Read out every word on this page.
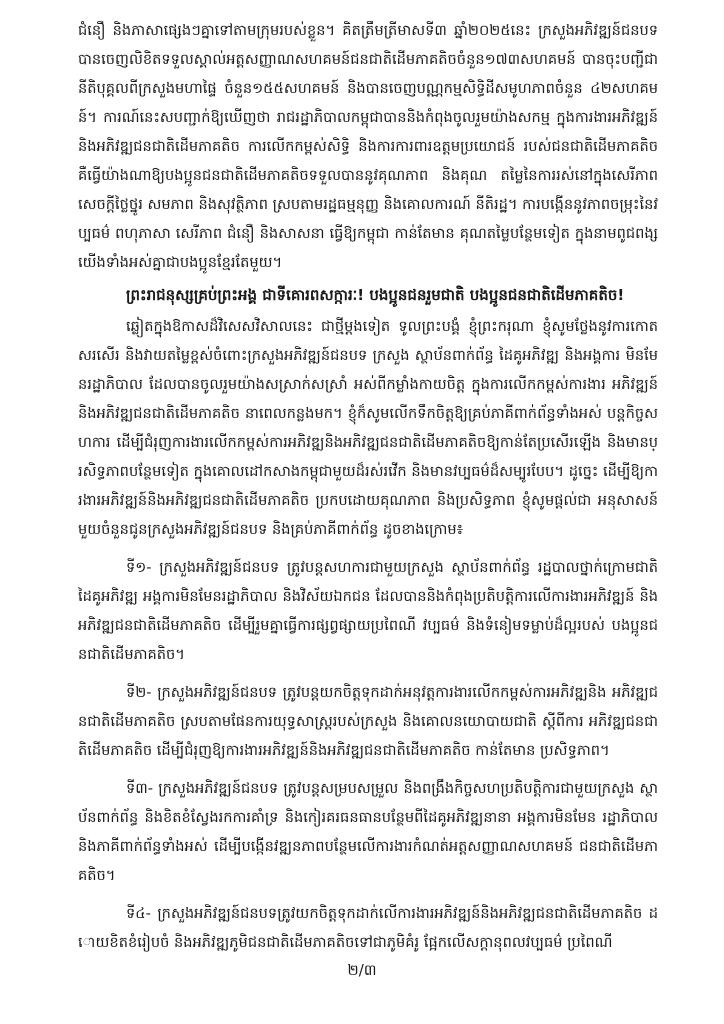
ជំនឿ និងភាសាផ្សេងៗគ្នាទៅតាមក្រុមរបស់ខ្លួន។ គិតត្រឹមត្រីមាសទី៣ ឆ្នាំ២០២៥នេះ ក្រសួងអភិវឌ្ឍន៍ជនបទ បានចេញលិខិតទទួលស្គាល់អត្តសញ្ញាណសហគមន៍ជនជាតិដើមភាគតិចចំនួន១៧៣សហគមន៍ បានចុះបញ្ជីជានីតិបុគ្គលពីក្រសួងមហាផ្ទៃ ចំនួន១៥៥សហគមន៍ និងបានចេញបណ្ណកម្មសិទ្ធិដីសមូហភាពចំនួន ៤២សហគមន៍។ ការណ៍នេះសបញ្ជាក់ឱ្យឃើញថា រាជរដ្ឋាភិបាលកម្ពុជាបាននិងកំពុងចូលរួមយ៉ាងសកម្ម ក្នុងការងារអភិវឌ្ឍន៍និងអភិវឌ្ឍជនជាតិដើមភាគតិច ការលើកកម្ពស់សិទ្ធិ និងការការពារឧត្តមប្រយោជន៍ របស់ជនជាតិដើមភាគតិច គឺធ្វើយ៉ាងណាឱ្យបងប្អូនជនជាតិដើមភាគតិចទទួលបាននូវគុណភាព និងគុណ តម្លៃនៃការរស់នៅក្នុងសេរីភាព សេចក្តីថ្លៃថ្នូរ សមភាព និងសុវត្ថិភាព ស្របតាមរដ្ឋធម្មនុញ្ញ និងគោលការណ៍ នីតិរដ្ឋ។ ការបង្កើននូវភាពចម្រុះនៃវប្បធម៌ ពហុភាសា សេរីភាព ជំនឿ និងសាសនា ធ្វើឱ្យកម្ពុជា កាន់តែមាន គុណតម្លៃបន្ថែមទៀត ក្នុងនាមពូជពង្សយើងទាំងអស់គ្នាជាបងប្អូនខ្មែរតែមួយ។

ព្រះរាជនុស្សគ្រប់ព្រះអង្គ ជាទីគោរពសក្ការៈ! បងប្អូនជនរួមជាតិ បងប្អូនជនជាតិដើមភាគតិច!

ឆ្លៀតក្នុងឱកាសដ៏វិសេសវិសាលនេះ ជាថ្មីម្តងទៀត ទូលព្រះបង្គំ ខ្ញុំព្រះករុណា ខ្ញុំសូមថ្លែងនូវការកោត សរសើរ និងវាយតម្លៃខ្ពស់ចំពោះក្រសួងអភិវឌ្ឍន៍ជនបទ ក្រសួង ស្ថាប័នពាក់ព័ន្ធ ដៃគូអភិវឌ្ឍ និងអង្គការ មិនមែនរដ្ឋាភិបាល ដែលបានចូលរួមយ៉ាងសស្រាក់សស្រាំ អស់ពីកម្លាំងកាយចិត្ត ក្នុងការលើកកម្ពស់ការងារ អភិវឌ្ឍន៍និងអភិវឌ្ឍជនជាតិដើមភាគតិច នាពេលកន្លងមក។ ខ្ញុំក៏សូមលើកទឹកចិត្តឱ្យគ្រប់ភាគីពាក់ព័ន្ធទាំងអស់ បន្តកិច្ចសហការ ដើម្បីជំរុញការងារលើកកម្ពស់ការអភិវឌ្ឍនិងអភិវឌ្ឍជនជាតិដើមភាគតិចឱ្យកាន់តែប្រសើរឡើង និងមានប្រសិទ្ធភាពបន្ថែមទៀត ក្នុងគោលដៅកសាងកម្ពុជាមួយដ៏រស់រវើក និងមានវប្បធម៌ដ៏សម្បូរបែប។ ដូច្នេះ ដើម្បីឱ្យការងារអភិវឌ្ឍន៍និងអភិវឌ្ឍជនជាតិដើមភាគតិច ប្រកបដោយគុណភាព និងប្រសិទ្ធភាព ខ្ញុំសូមផ្តល់ជា អនុសាសន៍មួយចំនួនជូនក្រសួងអភិវឌ្ឍន៍ជនបទ និងគ្រប់ភាគីពាក់ព័ន្ធ ដូចខាងក្រោម៖

ទី១- ក្រសួងអភិវឌ្ឍន៍ជនបទ ត្រូវបន្តសហការជាមួយក្រសួង ស្ថាប័នពាក់ព័ន្ធ រដ្ឋបាលថ្នាក់ក្រោមជាតិ ដៃគូអភិវឌ្ឍ អង្គការមិនមែនរដ្ឋាភិបាល និងវិស័យឯកជន ដែលបាននិងកំពុងប្រតិបត្តិការលើការងារអភិវឌ្ឍន៍ និងអភិវឌ្ឍជនជាតិដើមភាគតិច ដើម្បីរួមគ្នាធ្វើការផ្សព្វផ្សាយប្រពៃណី វប្បធម៌ និងទំនៀមទម្លាប់ដ៏ល្អរបស់ បងប្អូនជនជាតិដើមភាគតិច។

ទី២- ក្រសួងអភិវឌ្ឍន៍ជនបទ ត្រូវបន្តយកចិត្តទុកដាក់អនុវត្តការងារលើកកម្ពស់ការអភិវឌ្ឍនិង អភិវឌ្ឍជនជាតិដើមភាគតិច ស្របតាមផែនការយុទ្ធសាស្ត្ររបស់ក្រសួង និងគោលនយោបាយជាតិ ស្តីពីការ អភិវឌ្ឍជនជាតិដើមភាគតិច ដើម្បីជំរុញឱ្យការងារអភិវឌ្ឍន៍និងអភិវឌ្ឍជនជាតិដើមភាគតិច កាន់តែមាន ប្រសិទ្ធភាព។

ទី៣- ក្រសួងអភិវឌ្ឍន៍ជនបទ ត្រូវបន្តសម្របសម្រួល និងពង្រឹងកិច្ចសហប្រតិបត្តិការជាមួយក្រសួង ស្ថាប័នពាក់ព័ន្ធ និងខិតខំស្វែងរកការគាំទ្រ និងកៀរគរធនធានបន្ថែមពីដៃគូអភិវឌ្ឍនានា អង្គការមិនមែន រដ្ឋាភិបាល និងភាគីពាក់ព័ន្ធទាំងអស់ ដើម្បីបង្កើនវឌ្ឍនភាពបន្ថែមលើការងារកំណត់អត្តសញ្ញាណសហគមន៍ ជនជាតិដើមភាគតិច។

ទី៤- ក្រសួងអភិវឌ្ឍន៍ជនបទត្រូវយកចិត្តទុកដាក់លើការងារអភិវឌ្ឍន៍និងអភិវឌ្ឍជនជាតិដើមភាគតិច ដោយខិតខំរៀបចំ និងអភិវឌ្ឍភូមិជនជាតិដើមភាគតិចទៅជាភូមិគំរូ ផ្អែកលើសក្តានុពលវប្បធម៌ ប្រពៃណី

២/៣
